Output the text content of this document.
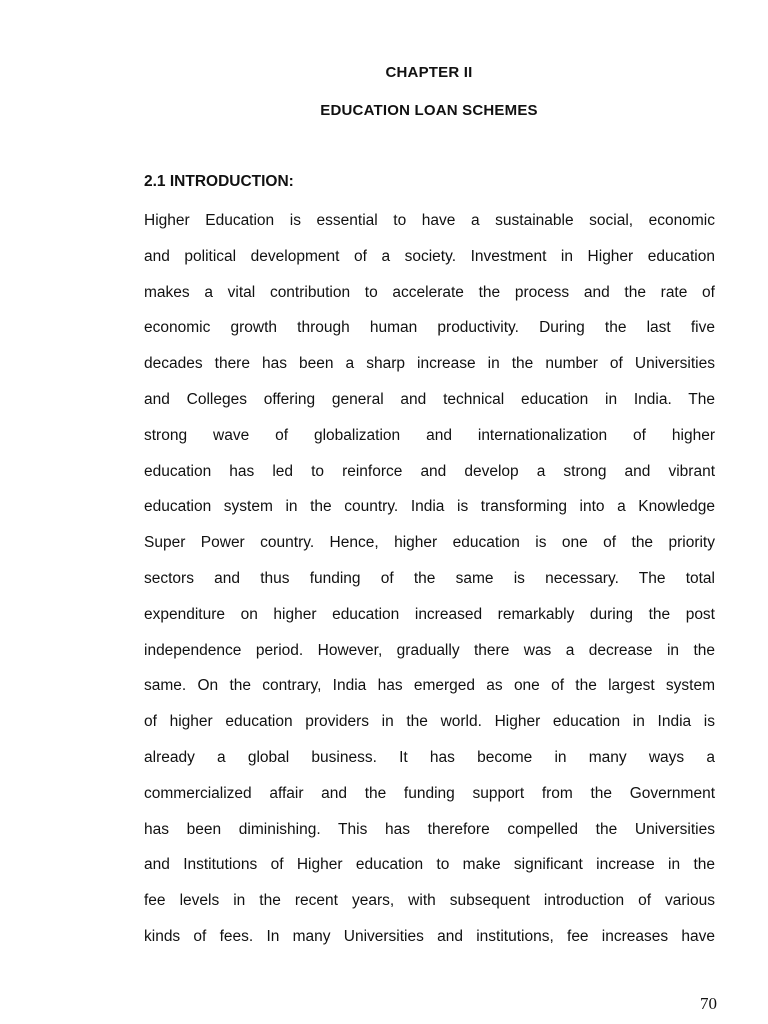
CHAPTER II
EDUCATION LOAN SCHEMES
2.1 INTRODUCTION:
Higher Education is essential to have a sustainable social, economic
and political development of a society. Investment in Higher education
makes a vital contribution to accelerate the process and the rate of
economic growth through human productivity. During the last five
decades there has been a sharp increase in the number of Universities
and Colleges offering general and technical education in India. The
strong wave of globalization and internationalization of higher
education has led to reinforce and develop a strong and vibrant
education system in the country. India is transforming into a Knowledge
Super Power country. Hence, higher education is one of the priority
sectors and thus funding of the same is necessary. The total
expenditure on higher education increased remarkably during the post
independence period. However, gradually there was a decrease in the
same. On the contrary, India has emerged as one of the largest system
of higher education providers in the world. Higher education in India is
already a global business. It has become in many ways a
commercialized affair and the funding support from the Government
has been diminishing. This has therefore compelled the Universities
and Institutions of Higher education to make significant increase in the
fee levels in the recent years, with subsequent introduction of various
kinds of fees. In many Universities and institutions, fee increases have
70
